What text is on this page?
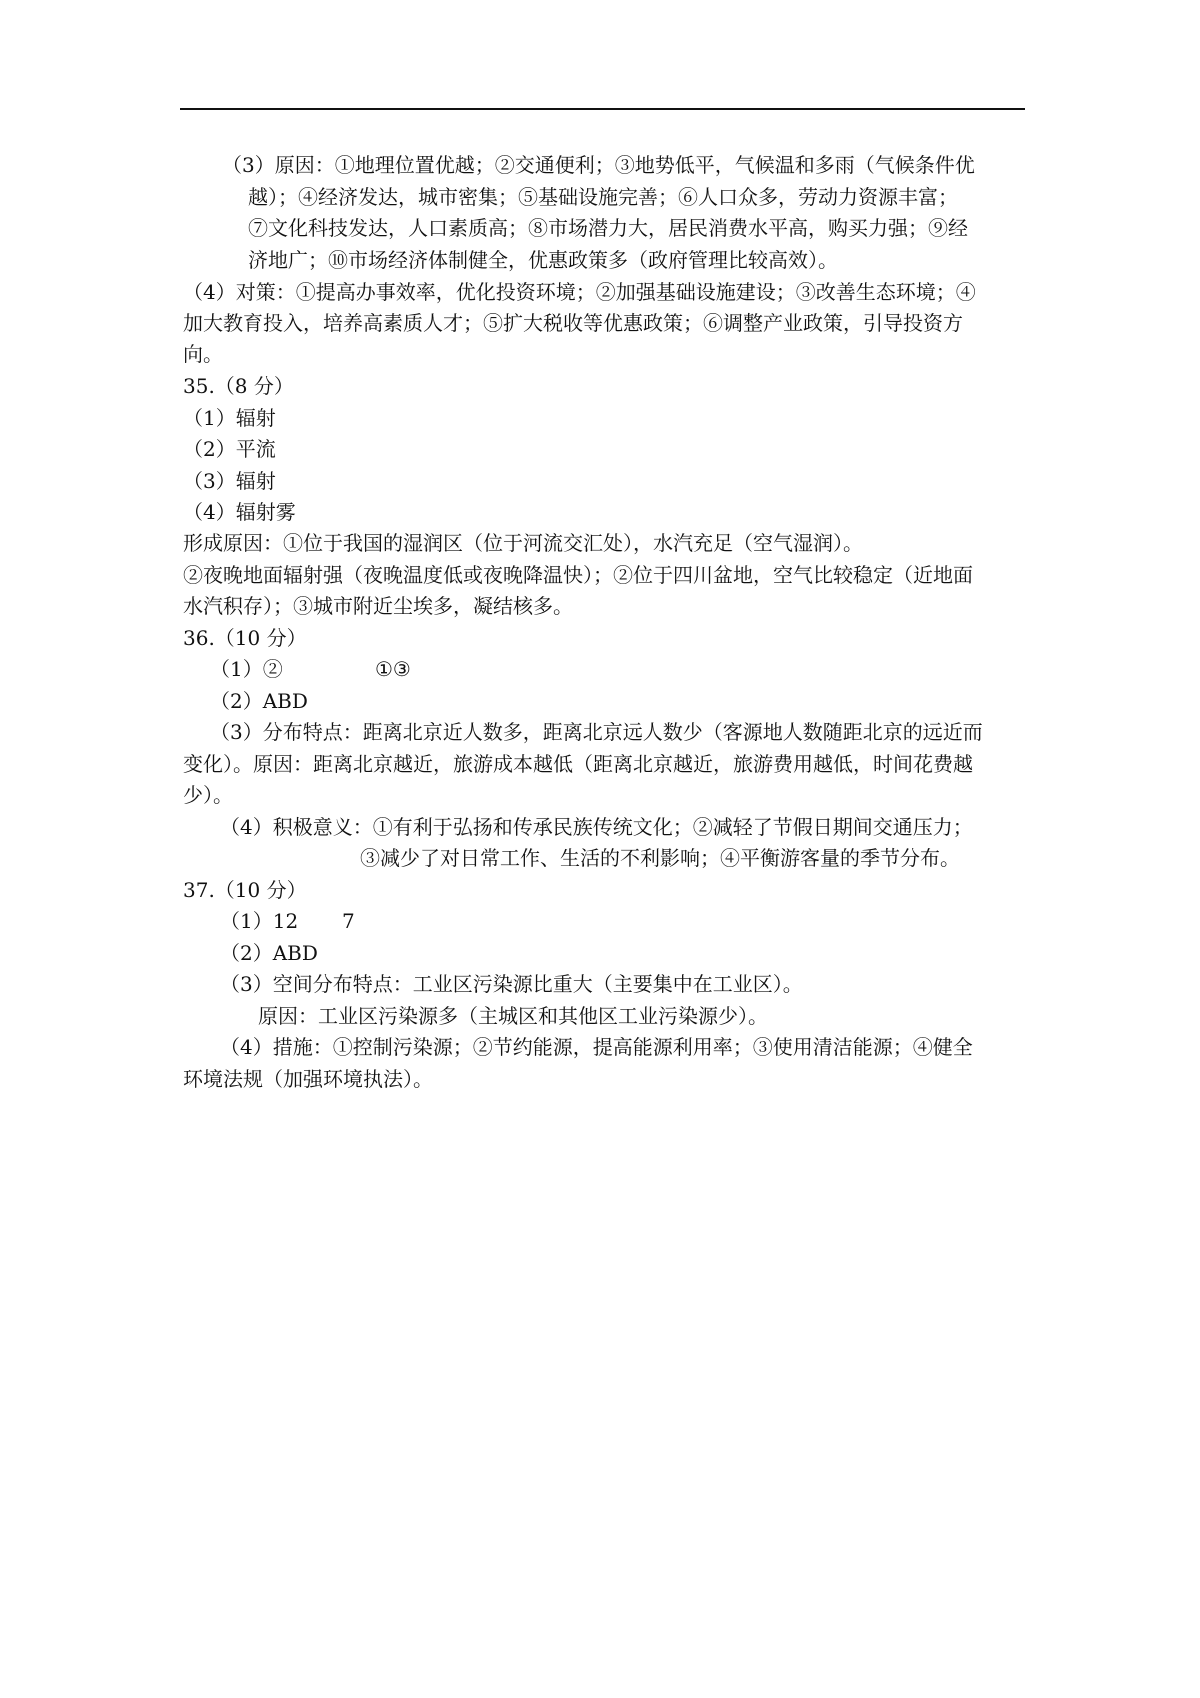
（3）原因：①地理位置优越；②交通便利；③地势低平，气候温和多雨（气候条件优
越）；④经济发达，城市密集；⑤基础设施完善；⑥人口众多，劳动力资源丰富；
⑦文化科技发达，人口素质高；⑧市场潜力大，居民消费水平高，购买力强；⑨经
济地广；⑩市场经济体制健全，优惠政策多（政府管理比较高效）。
（4）对策：①提高办事效率，优化投资环境；②加强基础设施建设；③改善生态环境；④
加大教育投入，培养高素质人才；⑤扩大税收等优惠政策；⑥调整产业政策，引导投资方
向。
35.（8 分）
（1）辐射
（2）平流
（3）辐射
（4）辐射雾
形成原因：①位于我国的湿润区（位于河流交汇处），水汽充足（空气湿润）。
②夜晚地面辐射强（夜晚温度低或夜晚降温快）；②位于四川盆地，空气比较稳定（近地面
水汽积存）；③城市附近尘埃多，凝结核多。
36.（10 分）
（1）②	①③
（2）ABD
（3）分布特点：距离北京近人数多，距离北京远人数少（客源地人数随距北京的远近而
变化）。原因：距离北京越近，旅游成本越低（距离北京越近，旅游费用越低，时间花费越
少）。
（4）积极意义：①有利于弘扬和传承民族传统文化；②减轻了节假日期间交通压力；
③减少了对日常工作、生活的不利影响；④平衡游客量的季节分布。
37.（10 分）
（1）12 7
（2）ABD
（3）空间分布特点：工业区污染源比重大（主要集中在工业区）。
原因：工业区污染源多（主城区和其他区工业污染源少）。
（4）措施：①控制污染源；②节约能源，提高能源利用率；③使用清洁能源；④健全
环境法规（加强环境执法）。
